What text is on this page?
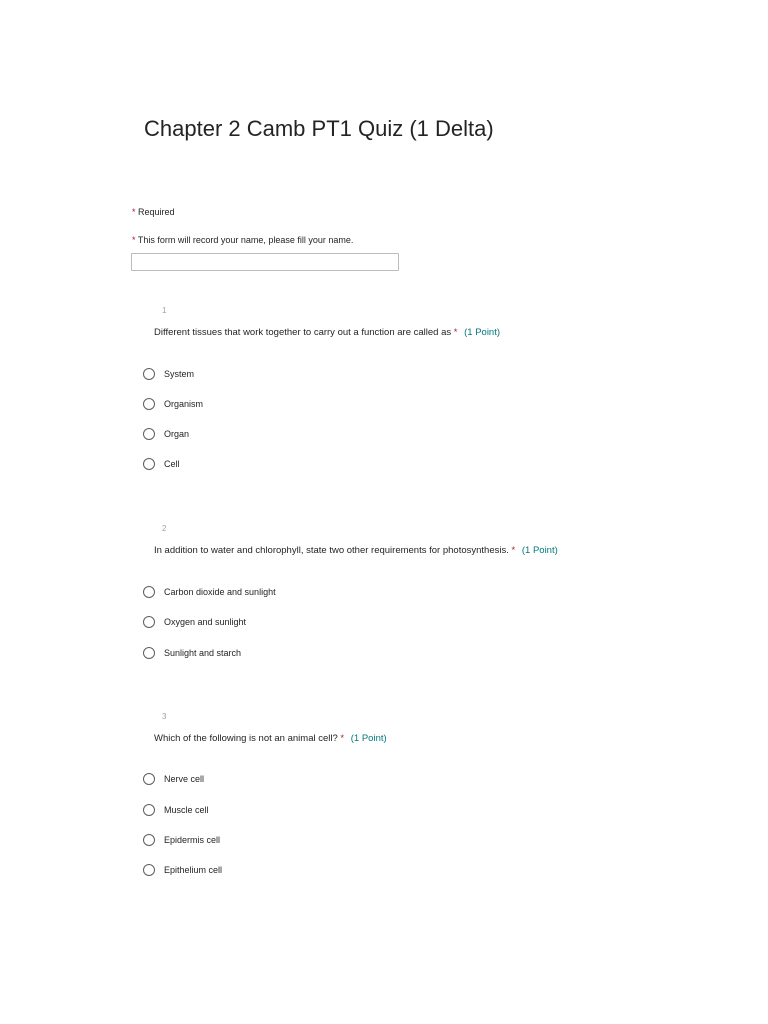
Chapter 2 Camb PT1 Quiz (1 Delta)
* Required
* This form will record your name, please fill your name.
1
Different tissues that work together to carry out a function are called as * (1 Point)
System
Organism
Organ
Cell
2
In addition to water and chlorophyll, state two other requirements for photosynthesis. * (1 Point)
Carbon dioxide and sunlight
Oxygen and sunlight
Sunlight and starch
3
Which of the following is not an animal cell? * (1 Point)
Nerve cell
Muscle cell
Epidermis cell
Epithelium cell
